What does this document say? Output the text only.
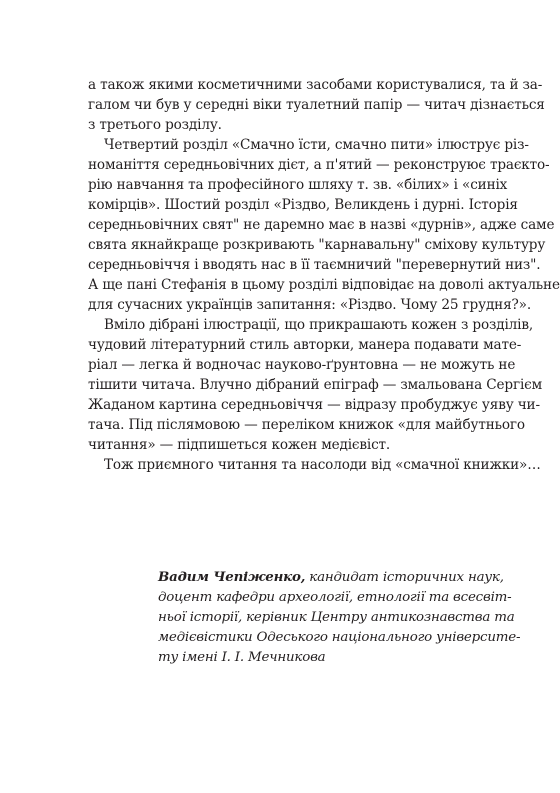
а також якими косметичними засобами користувалися, та й за-
галом чи був у середні віки туалетний папір — читач дізнається
з третього розділу.

Четвертий розділ «Смачно їсти, смачно пити» ілюструє різ-
номаніття середньовічних дієт, а п'ятий — реконструює траєкто-
рію навчання та професійного шляху т. зв. «білих» і «синіх
комірців». Шостий розділ «Різдво, Великдень і дурні. Історія
середньовічних свят" не даремно має в назві «дурнів», адже саме
свята якнайкраще розкривають "карнавальну" сміхову культуру
середньовіччя і вводять нас в її таємничий "перевернутий низ".
А ще пані Стефанія в цьому розділі відповідає на доволі актуальне
для сучасних українців запитання: «Різдво. Чому 25 грудня?».

Вміло дібрані ілюстрації, що прикрашають кожен з розділів,
чудовий літературний стиль авторки, манера подавати мате-
ріал — легка й водночас науково-ґрунтовна — не можуть не
тішити читача. Влучно дібраний епіграф — змальована Сергієм
Жаданом картина середньовіччя — відразу пробуджує уяву чи-
тача. Під післямовою — переліком книжок «для майбутнього
читання» — підпишеться кожен медієвіст.

Тож приємного читання та насолоди від «смачної книжки»…

Вадим Чепіженко, кандидат історичних наук,
доцент кафедри археології, етнології та всесвіт-
ньої історії, керівник Центру антикознавства та
медієвістики Одеського національного університе-
ту імені І. І. Мечникова
